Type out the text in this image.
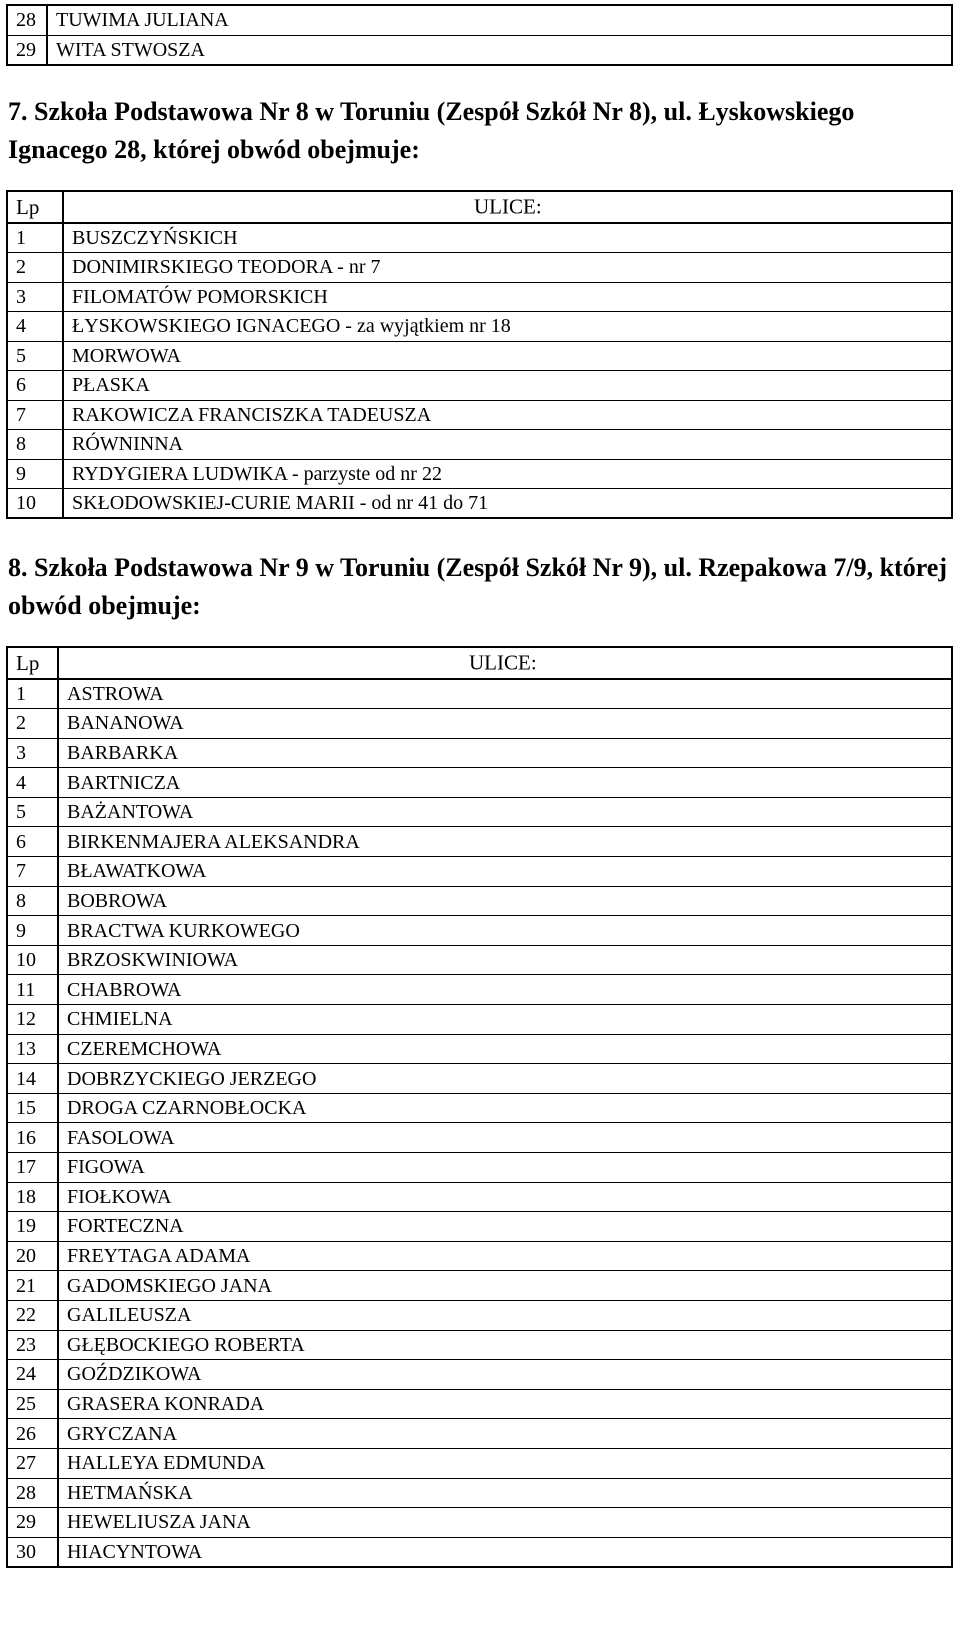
28	TUWIMA JULIANA
29	WITA STWOSZA

7. Szkoła Podstawowa Nr 8 w Toruniu (Zespół Szkół Nr 8), ul. Łyskowskiego Ignacego 28, której obwód obejmuje:

Lp	ULICE:

1	BUSZCZYŃSKICH
2	DONIMIRSKIEGO TEODORA - nr 7
3	FILOMATÓW POMORSKICH
4	ŁYSKOWSKIEGO IGNACEGO - za wyjątkiem nr 18
5	MORWOWA
6	PŁASKA
7	RAKOWICZA FRANCISZKA TADEUSZA
8	RÓWNINNA
9	RYDYGIERA LUDWIKA - parzyste od nr 22
10	SKŁODOWSKIEJ-CURIE MARII - od nr 41 do 71

8. Szkoła Podstawowa Nr 9 w Toruniu (Zespół Szkół Nr 9), ul. Rzepakowa 7/9, której obwód obejmuje:

Lp	ULICE:

1	ASTROWA
2	BANANOWA
3	BARBARKA
4	BARTNICZA
5	BAŻANTOWA
6	BIRKENMAJERA ALEKSANDRA
7	BŁAWATKOWA
8	BOBROWA
9	BRACTWA KURKOWEGO
10	BRZOSKWINIOWA
11	CHABROWA
12	CHMIELNA
13	CZEREMCHOWA
14	DOBRZYCKIEGO JERZEGO
15	DROGA CZARNOBŁOCKA
16	FASOLOWA
17	FIGOWA
18	FIOŁKOWA
19	FORTECZNA
20	FREYTAGA ADAMA
21	GADOMSKIEGO JANA
22	GALILEUSZA
23	GŁĘBOCKIEGO ROBERTA
24	GOŹDZIKOWA
25	GRASERA KONRADA
26	GRYCZANA
27	HALLEYA EDMUNDA
28	HETMAŃSKA
29	HEWELIUSZA JANA
30	HIACYNTOWA
